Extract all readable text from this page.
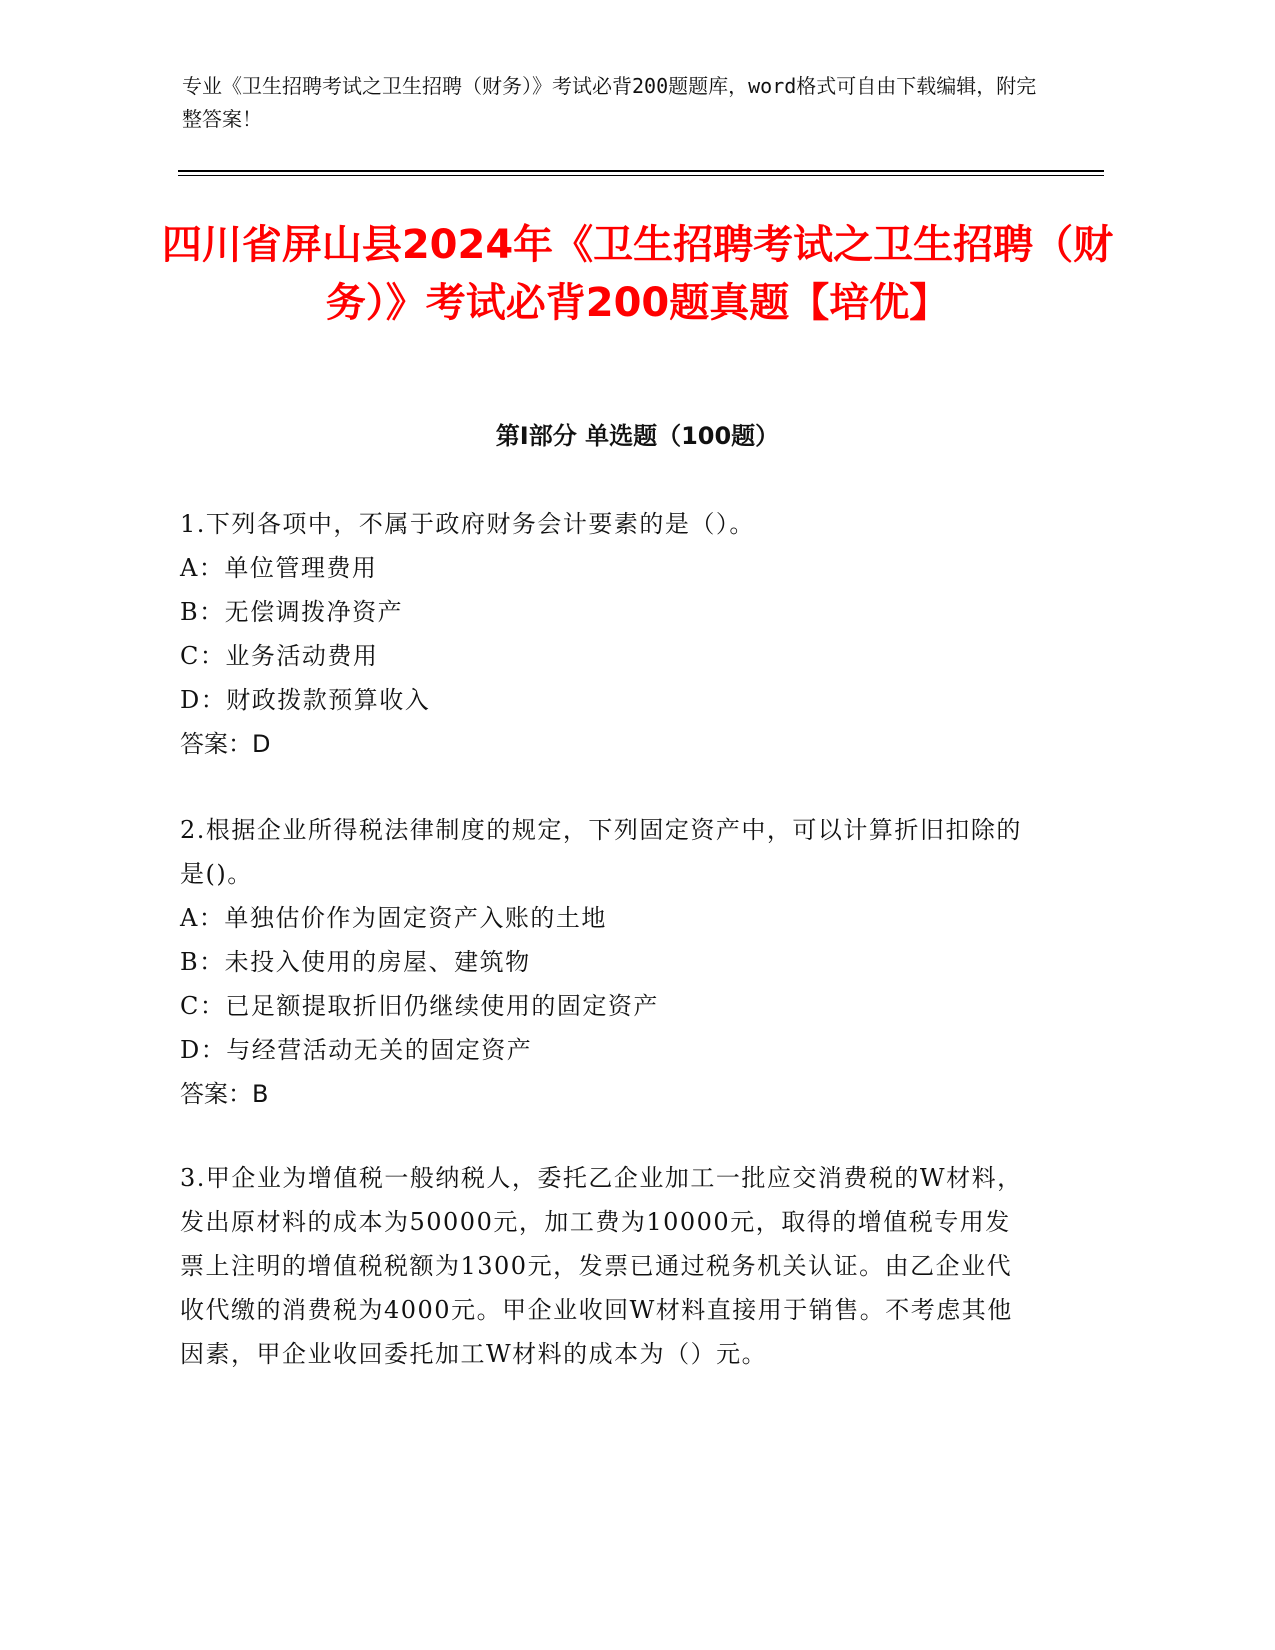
专业《卫生招聘考试之卫生招聘（财务）》考试必背200题题库，word格式可自由下载编辑，附完整答案！
四川省屏山县2024年《卫生招聘考试之卫生招聘（财务）》考试必背200题真题【培优】
第Ⅰ部分 单选题（100题）
1.下列各项中，不属于政府财务会计要素的是（）。
A：单位管理费用
B：无偿调拨净资产
C：业务活动费用
D：财政拨款预算收入
答案：D
2.根据企业所得税法律制度的规定，下列固定资产中，可以计算折旧扣除的是()。
A：单独估价作为固定资产入账的土地
B：未投入使用的房屋、建筑物
C：已足额提取折旧仍继续使用的固定资产
D：与经营活动无关的固定资产
答案：B
3.甲企业为增值税一般纳税人，委托乙企业加工一批应交消费税的W材料，发出原材料的成本为50000元，加工费为10000元，取得的增值税专用发票上注明的增值税税额为1300元，发票已通过税务机关认证。由乙企业代收代缴的消费税为4000元。甲企业收回W材料直接用于销售。不考虑其他因素，甲企业收回委托加工W材料的成本为（）元。
